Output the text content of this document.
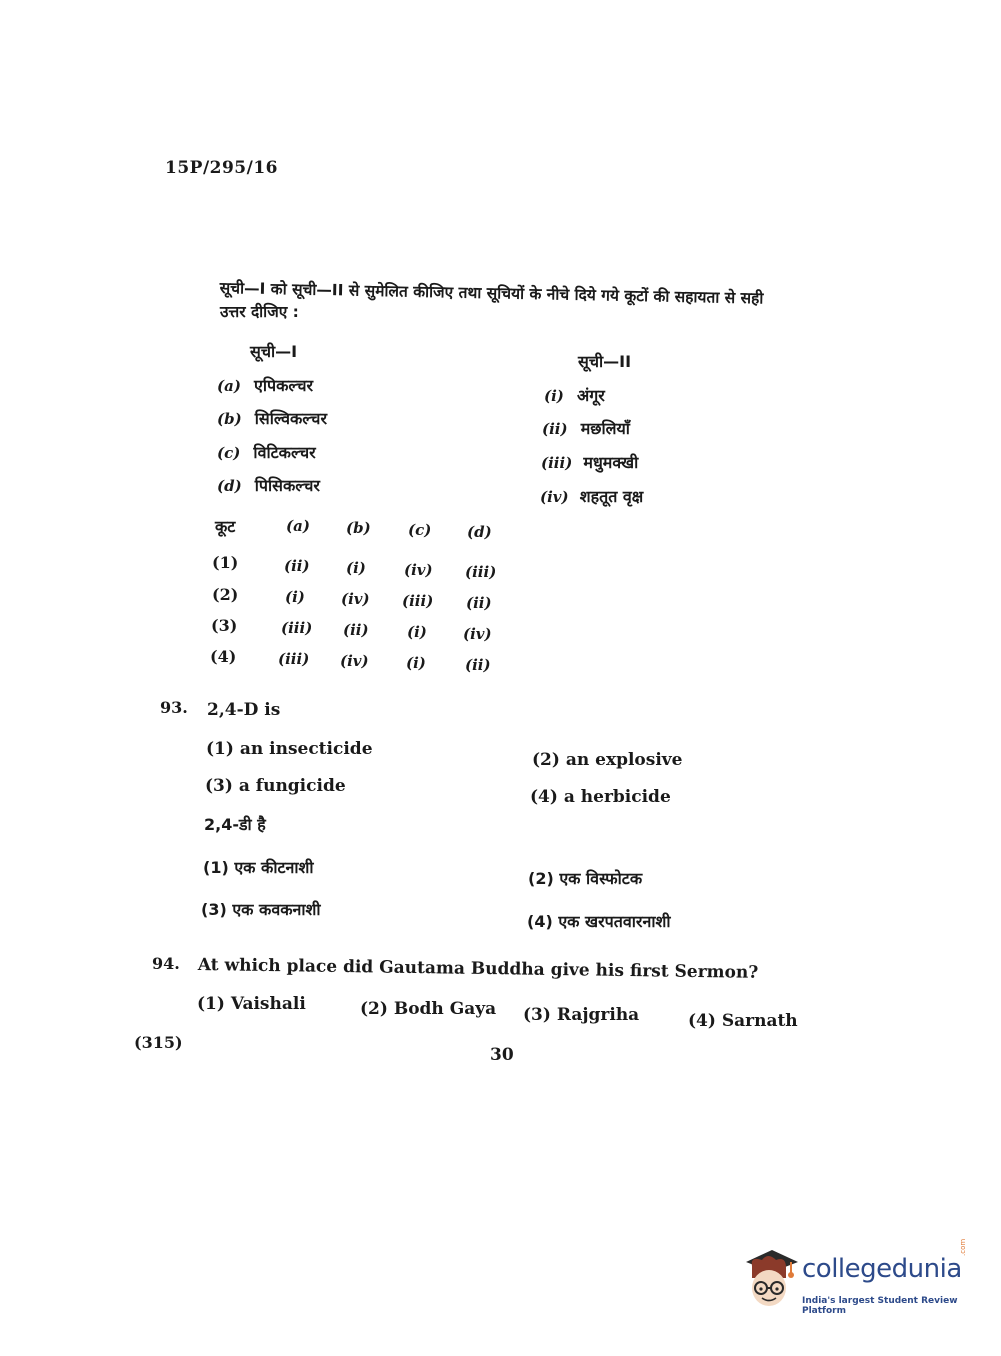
15P/295/16
सूची—I को सूची—II से सुमेलित कीजिए तथा सूचियों के नीचे दिये गये कूटों की सहायता से सही
उत्तर दीजिए :
सूची—I
(a) एपिकल्चर
(b) सिल्विकल्चर
(c) विटिकल्चर
(d) पिसिकल्चर
सूची—II
(i) अंगूर
(ii) मछलियाँ
(iii) मधुमक्खी
(iv) शहतूत वृक्ष
कूट	(a) (b) (c) (d)
(1)	(ii) (i)	(iv) (iii)
(2)	(i) (iv) (iii) (ii)
(3)	(iii) (ii)	(i) (iv)
(4)	(iii) (iv) (i)	(ii)
93. 2,4-D is
(1) an insecticide
(2) an explosive
(3) a fungicide
(4) a herbicide
2,4-डी है
(1) एक कीटनाशी
(2) एक विस्फोटक
(3) एक कवकनाशी
(4) एक खरपतवारनाशी
94. At which place did Gautama Buddha give his first Sermon?
(1) Vaishali	(2) Bodh Gaya (3) Rajgriha	(4) Sarnath
(315)
30
collegedunia
.com
India's largest Student Review Platform
